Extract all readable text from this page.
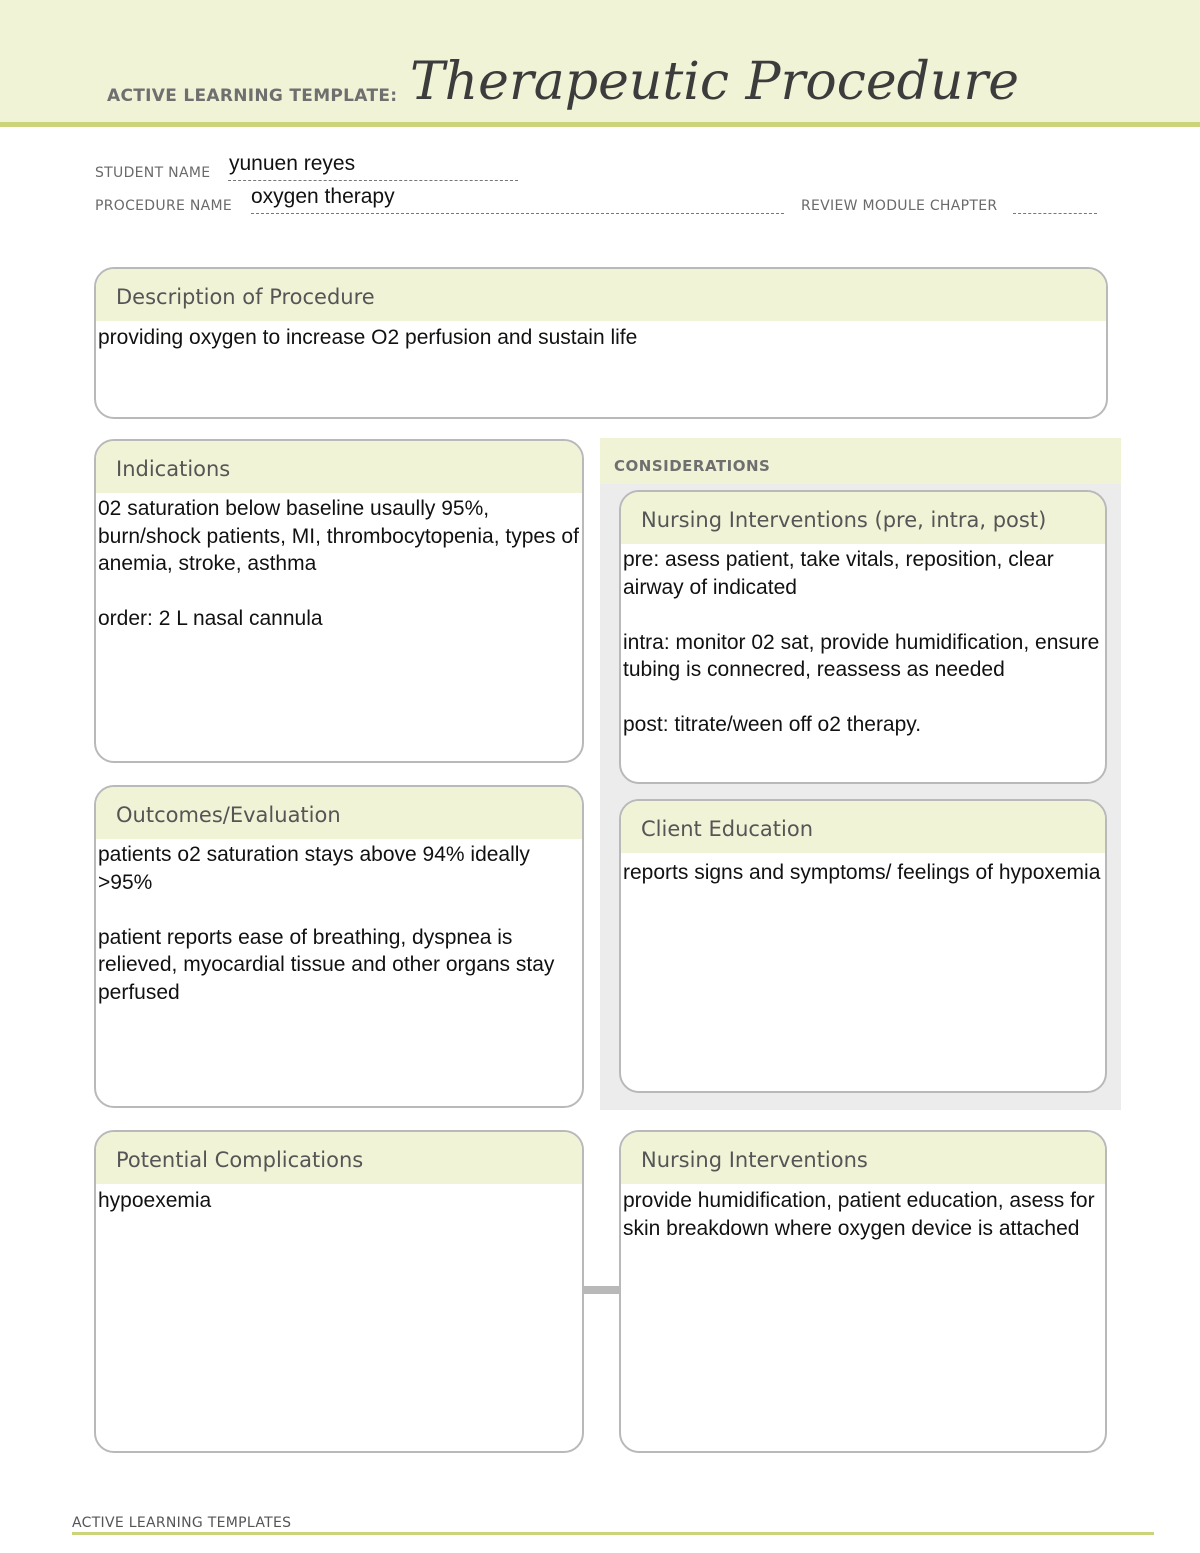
ACTIVE LEARNING TEMPLATE: Therapeutic Procedure
STUDENT NAME yunuen reyes
PROCEDURE NAME oxygen therapy	REVIEW MODULE CHAPTER
Description of Procedure
providing oxygen to increase O2 perfusion and sustain life
Indications

02 saturation below baseline usaully 95%, burn/shock patients, MI, thrombocytopenia, types of anemia, stroke, asthma

order: 2 L nasal cannula

CONSIDERATIONS
Nursing Interventions (pre, intra, post)

pre: asess patient, take vitals, reposition, clear airway of indicated

intra: monitor 02 sat, provide humidification, ensure tubing is connecred, reassess as needed

post: titrate/ween off o2 therapy.

Client Education

reports signs and symptoms/ feelings of hypoxemia

Outcomes/Evaluation

patients o2 saturation stays above 94% ideally >95%

patient reports ease of breathing, dyspnea is relieved, myocardial tissue and other organs stay perfused

Potential Complications

hypoexemia

Nursing Interventions

provide humidification, patient education, asess for skin breakdown where oxygen device is attached

ACTIVE LEARNING TEMPLATES
